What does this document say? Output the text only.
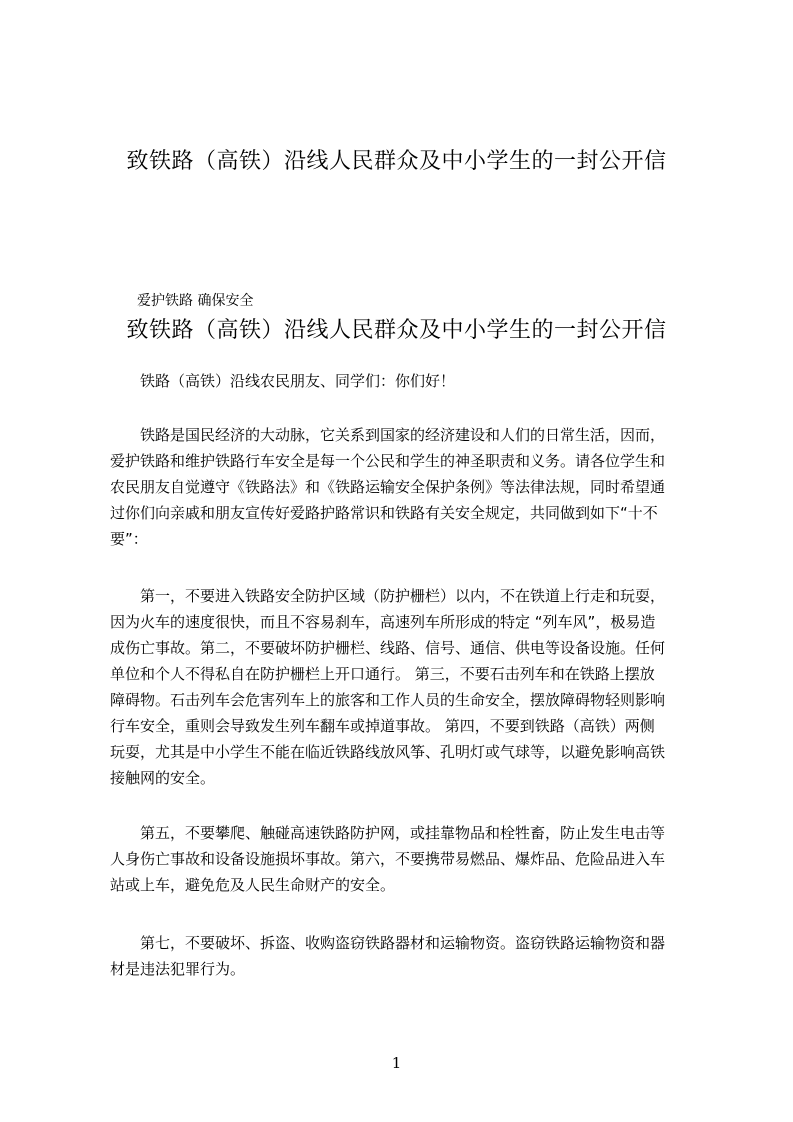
致铁路（高铁）沿线人民群众及中小学生的一封公开信
爱护铁路 确保安全
致铁路（高铁）沿线人民群众及中小学生的一封公开信
铁路（高铁）沿线农民朋友、同学们：你们好！
铁路是国民经济的大动脉，它关系到国家的经济建设和人们的日常生活，因而，
爱护铁路和维护铁路行车安全是每一个公民和学生的神圣职责和义务。请各位学生和
农民朋友自觉遵守《铁路法》和《铁路运输安全保护条例》等法律法规，同时希望通
过你们向亲戚和朋友宣传好爱路护路常识和铁路有关安全规定，共同做到如下“十不
要”：
第一，不要进入铁路安全防护区域（防护栅栏）以内，不在铁道上行走和玩耍，
因为火车的速度很快，而且不容易刹车，高速列车所形成的特定 “列车风”，极易造
成伤亡事故。第二，不要破坏防护栅栏、线路、信号、通信、供电等设备设施。任何
单位和个人不得私自在防护栅栏上开口通行。 第三，不要石击列车和在铁路上摆放
障碍物。石击列车会危害列车上的旅客和工作人员的生命安全，摆放障碍物轻则影响
行车安全，重则会导致发生列车翻车或掉道事故。 第四，不要到铁路（高铁）两侧
玩耍，尤其是中小学生不能在临近铁路线放风筝、孔明灯或气球等，以避免影响高铁
接触网的安全。
第五，不要攀爬、触碰高速铁路防护网，或挂靠物品和栓牲畜，防止发生电击等
人身伤亡事故和设备设施损坏事故。第六，不要携带易燃品、爆炸品、危险品进入车
站或上车，避免危及人民生命财产的安全。
第七，不要破坏、拆盗、收购盗窃铁路器材和运输物资。盗窃铁路运输物资和器
材是违法犯罪行为。
1
